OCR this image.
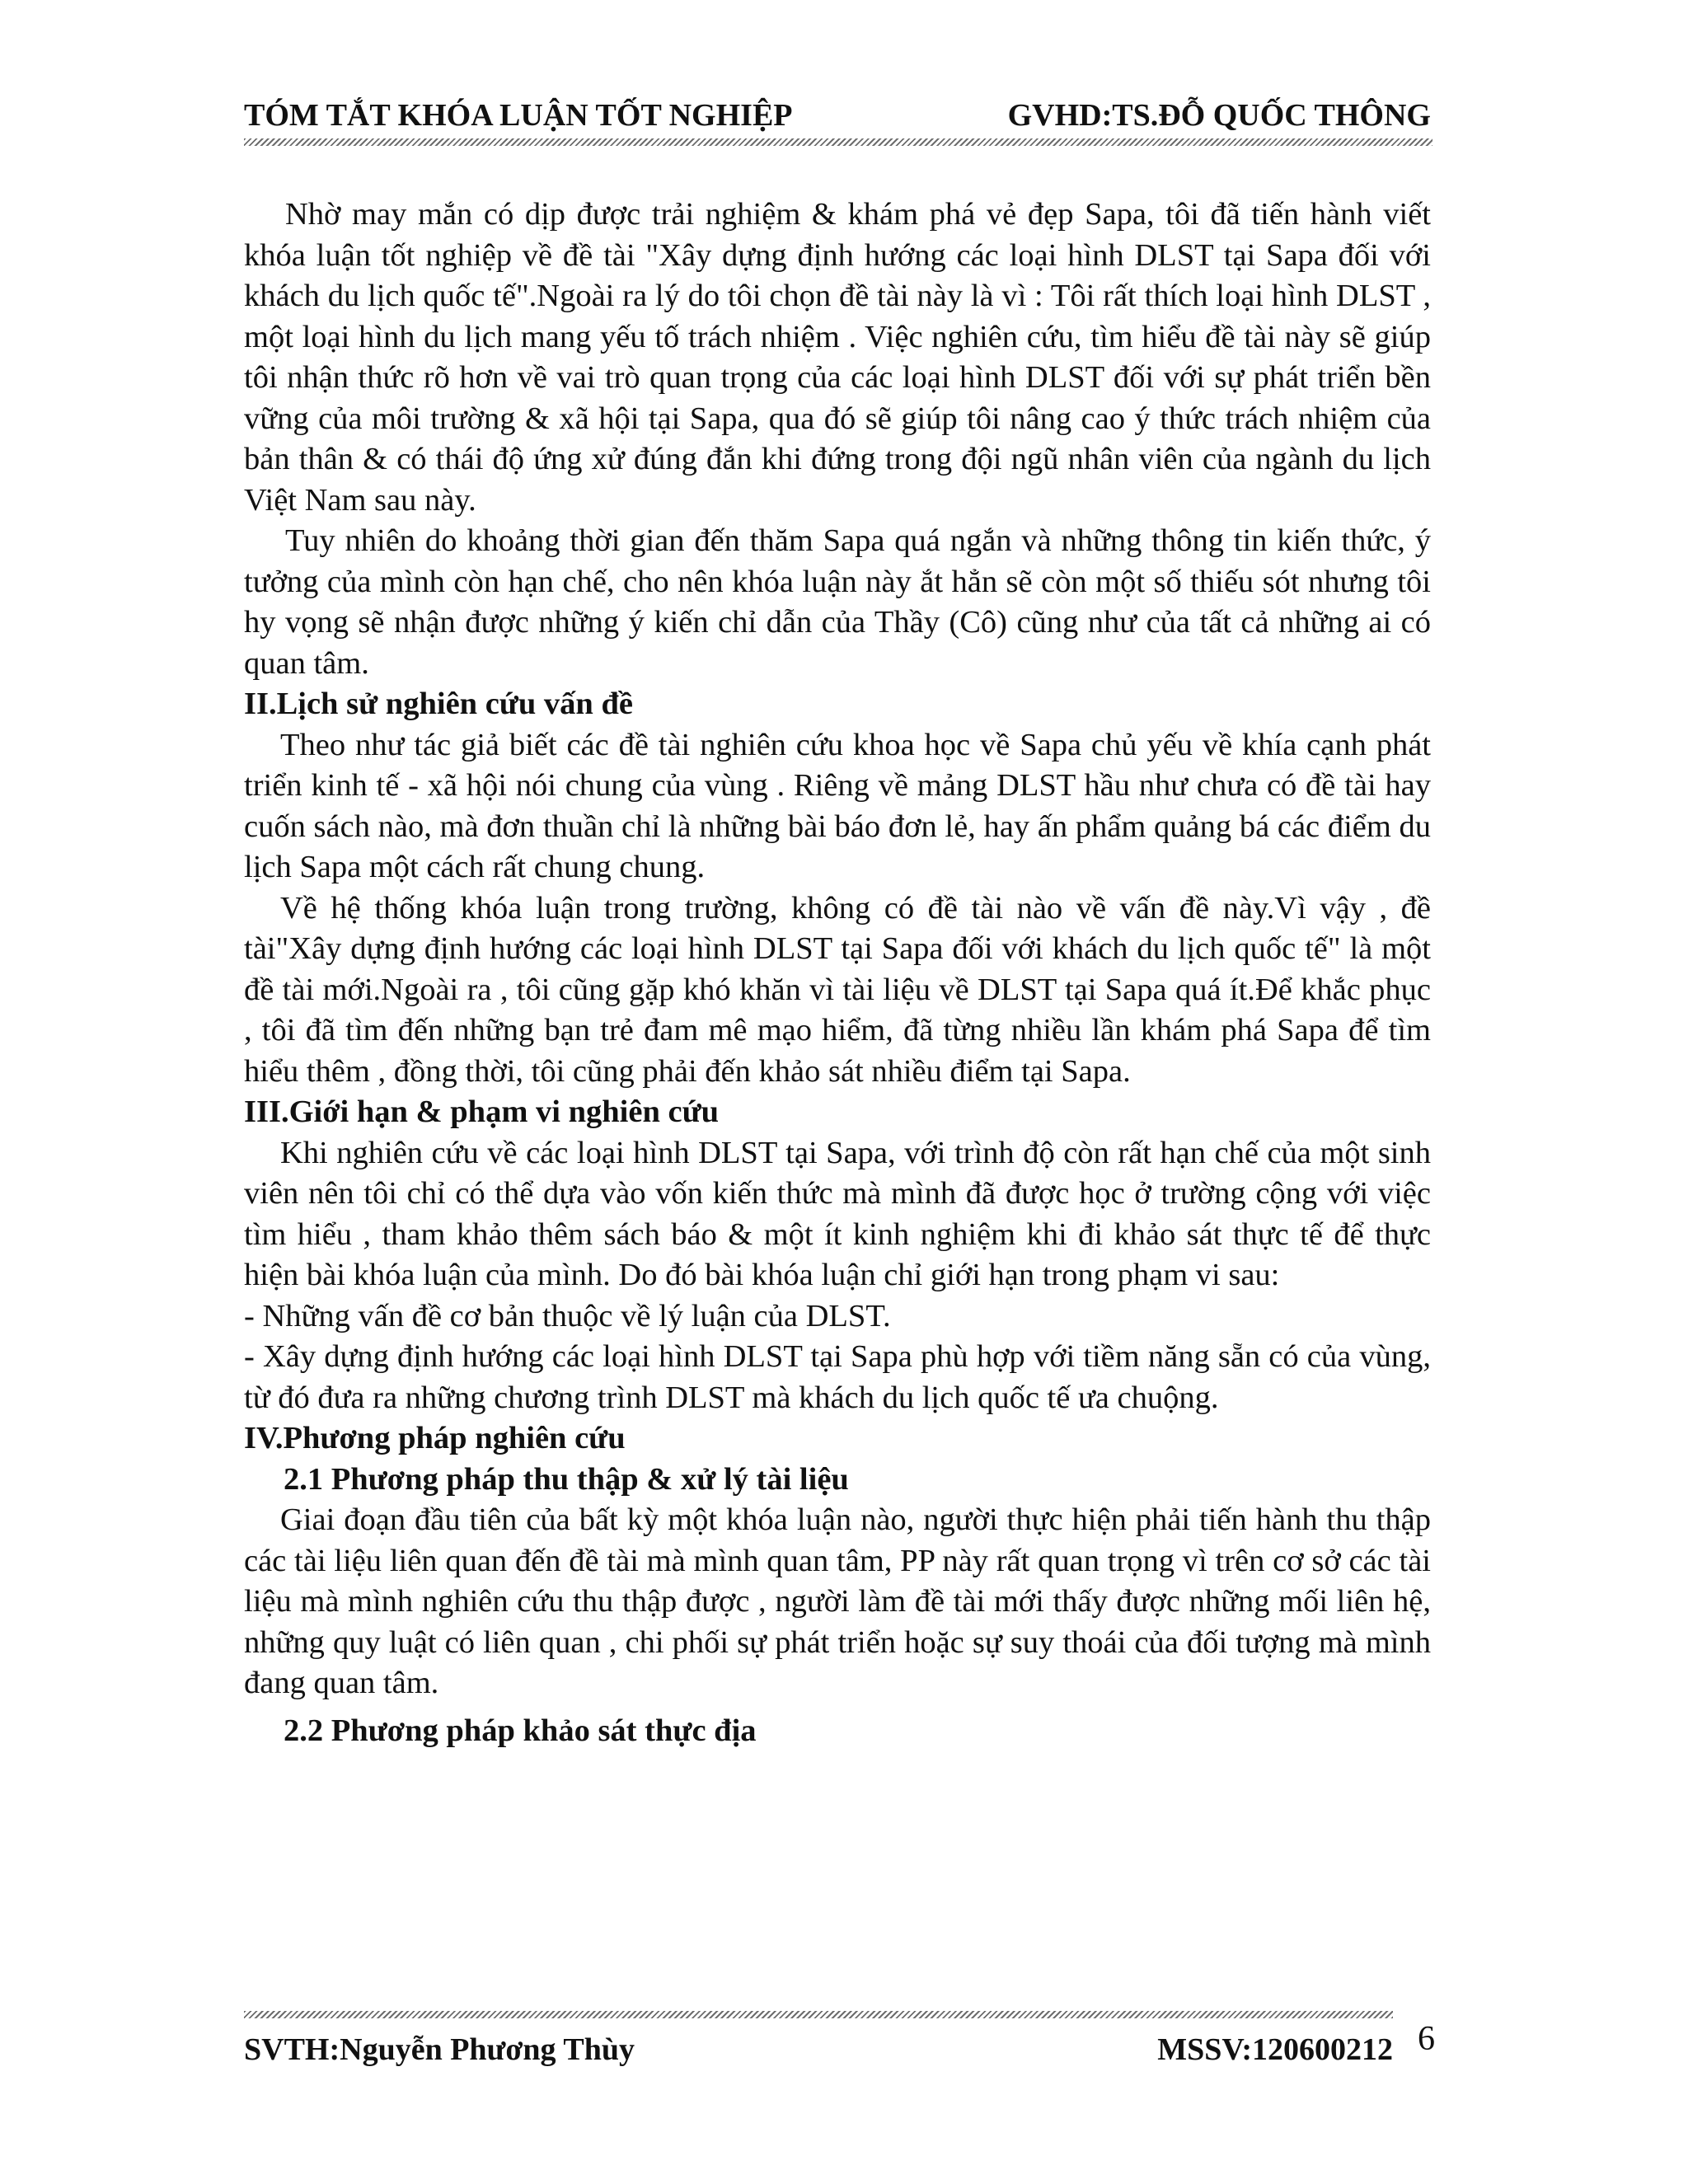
TÓM TẮT KHÓA LUẬN TỐT NGHIỆP	GVHD:TS.ĐỖ QUỐC THÔNG

Nhờ may mắn có dịp được trải nghiệm & khám phá vẻ đẹp Sapa, tôi đã tiến hành viết khóa luận tốt nghiệp về đề tài "Xây dựng định hướng các loại hình DLST tại Sapa đối với khách du lịch quốc tế".Ngoài ra lý do tôi chọn đề tài này là vì : Tôi rất thích loại hình DLST , một loại hình du lịch mang yếu tố trách nhiệm . Việc nghiên cứu, tìm hiểu đề tài này sẽ giúp tôi nhận thức rõ hơn về vai trò quan trọng của các loại hình DLST đối với sự phát triển bền vững của môi trường & xã hội tại Sapa, qua đó sẽ giúp tôi nâng cao ý thức trách nhiệm của bản thân & có thái độ ứng xử đúng đắn khi đứng trong đội ngũ nhân viên của ngành du lịch Việt Nam sau này.

Tuy nhiên do khoảng thời gian đến thăm Sapa quá ngắn và những thông tin kiến thức, ý tưởng của mình còn hạn chế, cho nên khóa luận này ắt hẳn sẽ còn một số thiếu sót nhưng tôi hy vọng sẽ nhận được những ý kiến chỉ dẫn của Thầy (Cô) cũng như của tất cả những ai có quan tâm.

II.Lịch sử nghiên cứu vấn đề

Theo như tác giả biết các đề tài nghiên cứu khoa học về Sapa chủ yếu về khía cạnh phát triển kinh tế - xã hội nói chung của vùng . Riêng về mảng DLST hầu như chưa có đề tài hay cuốn sách nào, mà đơn thuần chỉ là những bài báo đơn lẻ, hay ấn phẩm quảng bá các điểm du lịch Sapa một cách rất chung chung.

Về hệ thống khóa luận trong trường, không có đề tài nào về vấn đề này.Vì vậy , đề tài"Xây dựng định hướng các loại hình DLST tại Sapa đối với khách du lịch quốc tế" là một đề tài mới.Ngoài ra , tôi cũng gặp khó khăn vì tài liệu về DLST tại Sapa quá ít.Để khắc phục , tôi đã tìm đến những bạn trẻ đam mê mạo hiểm, đã từng nhiều lần khám phá Sapa để tìm hiểu thêm , đồng thời, tôi cũng phải đến khảo sát nhiều điểm tại Sapa.

III.Giới hạn & phạm vi nghiên cứu

Khi nghiên cứu về các loại hình DLST tại Sapa, với trình độ còn rất hạn chế của một sinh viên nên tôi chỉ có thể dựa vào vốn kiến thức mà mình đã được học ở trường cộng với việc tìm hiểu , tham khảo thêm sách báo & một ít kinh nghiệm khi đi khảo sát thực tế để thực hiện bài khóa luận của mình. Do đó bài khóa luận chỉ giới hạn trong phạm vi sau:

- Những vấn đề cơ bản thuộc về lý luận của DLST.

- Xây dựng định hướng các loại hình DLST tại Sapa phù hợp với tiềm năng sẵn có của vùng, từ đó đưa ra những chương trình DLST mà khách du lịch quốc tế ưa chuộng.

IV.Phương pháp nghiên cứu
2.1 Phương pháp thu thập & xử lý tài liệu

Giai đoạn đầu tiên của bất kỳ một khóa luận nào, người thực hiện phải tiến hành thu thập các tài liệu liên quan đến đề tài mà mình quan tâm, PP này rất quan trọng vì trên cơ sở các tài liệu mà mình nghiên cứu thu thập được , người làm đề tài mới thấy được những mối liên hệ, những quy luật có liên quan , chi phối sự phát triển hoặc sự suy thoái của đối tượng mà mình đang quan tâm.

2.2 Phương pháp khảo sát thực địa
SVTH:Nguyễn Phương Thùy	MSSV:120600212 6
